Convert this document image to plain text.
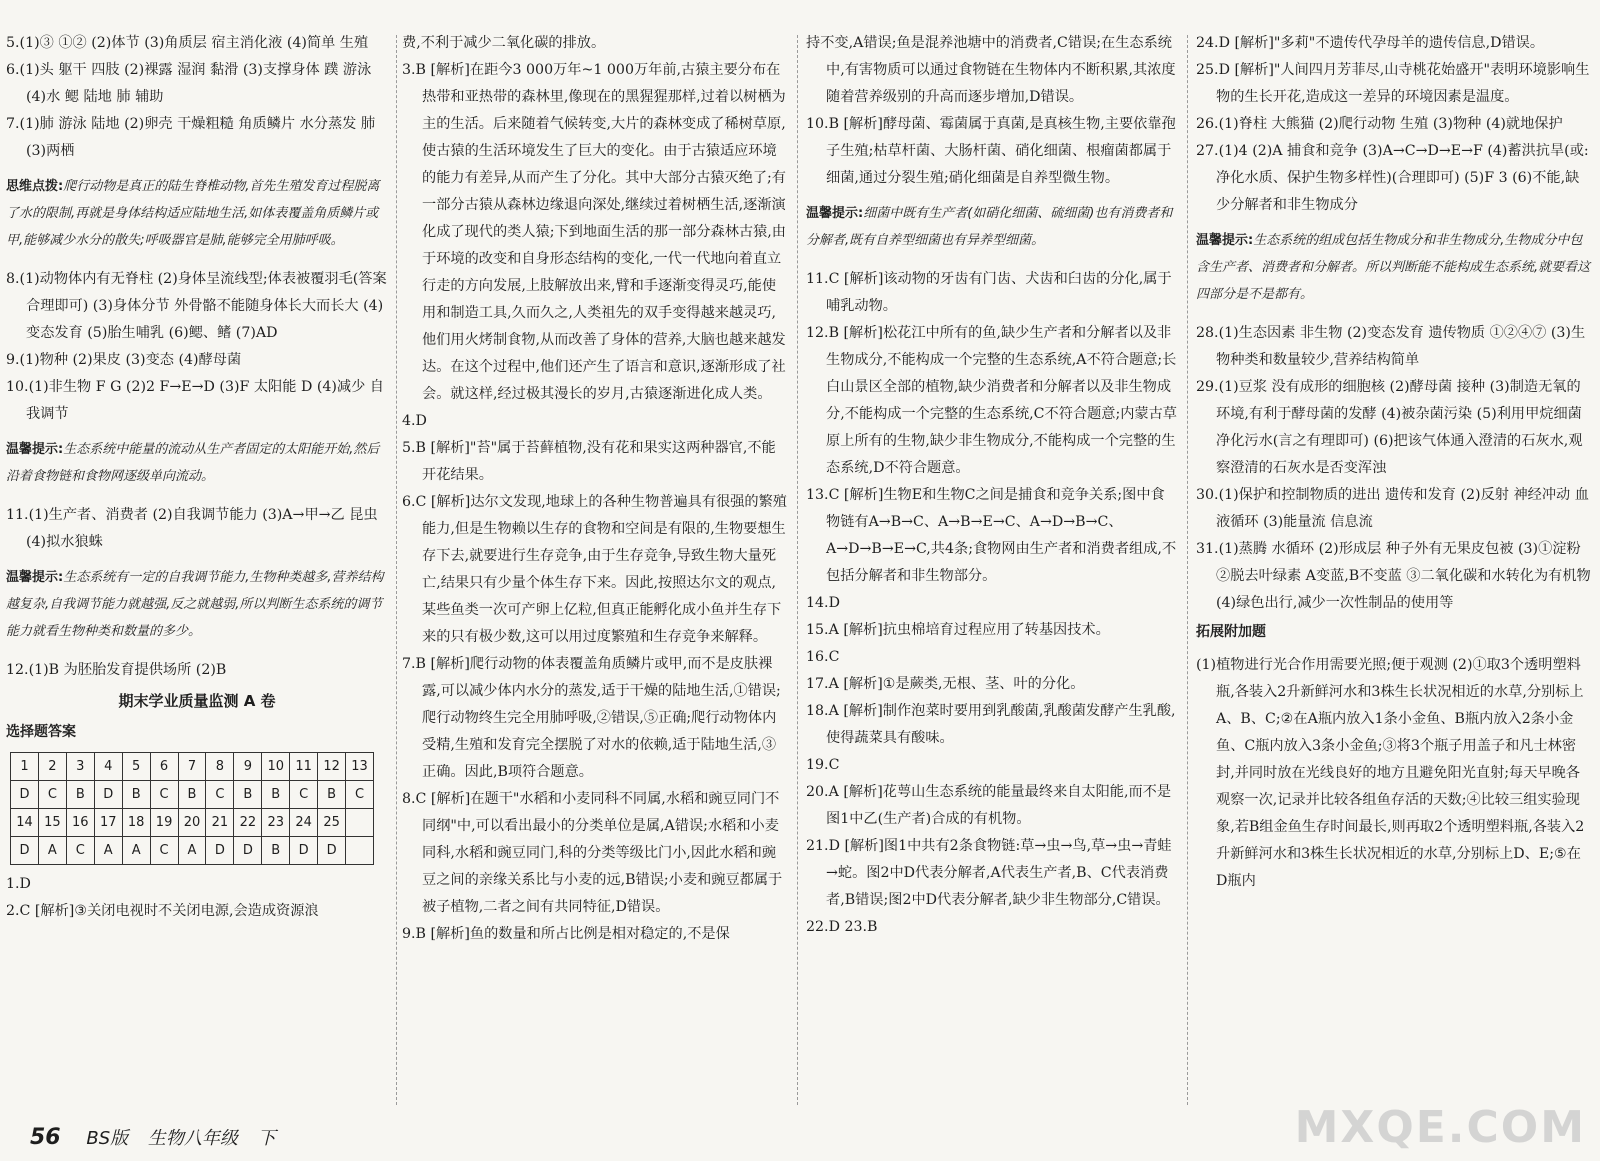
5.(1)③ ①② (2)体节 (3)角质层 宿主消化液 (4)简单 生殖

6.(1)头 躯干 四肢 (2)裸露 湿润 黏滑 (3)支撑身体 蹼 游泳 (4)水 鳃 陆地 肺 辅助

7.(1)肺 游泳 陆地 (2)卵壳 干燥粗糙 角质鳞片 水分蒸发 肺 (3)两栖

思维点拨:爬行动物是真正的陆生脊椎动物,首先生殖发育过程脱离了水的限制,再就是身体结构适应陆地生活,如体表覆盖角质鳞片或甲,能够减少水分的散失;呼吸器官是肺,能够完全用肺呼吸。

8.(1)动物体内有无脊柱 (2)身体呈流线型;体表被覆羽毛(答案合理即可) (3)身体分节 外骨骼不能随身体长大而长大 (4)变态发育 (5)胎生哺乳 (6)鳃、鳍 (7)AD

9.(1)物种 (2)果皮 (3)变态 (4)酵母菌

10.(1)非生物 F G (2)2 F→E→D (3)F 太阳能 D (4)减少 自我调节

温馨提示:生态系统中能量的流动从生产者固定的太阳能开始,然后沿着食物链和食物网逐级单向流动。

11.(1)生产者、消费者 (2)自我调节能力 (3)A→甲→乙 昆虫 (4)拟水狼蛛

温馨提示:生态系统有一定的自我调节能力,生物种类越多,营养结构越复杂,自我调节能力就越强,反之就越弱,所以判断生态系统的调节能力就看生物种类和数量的多少。

12.(1)B 为胚胎发育提供场所 (2)B

期末学业质量监测 A 卷
选择题答案
1	2	3	4	5	6	7	8	9	10	11	12	13
D	C	B	D	B	C	B	C	B	B	C	B	C
14	15	16	17	18	19	20	21	22	23	24	25	
D	A	C	A	A	C	A	D	D	B	D	D	

1.D

2.C [解析]③关闭电视时不关闭电源,会造成资源浪

费,不利于减少二氧化碳的排放。

3.B [解析]在距今3 000万年~1 000万年前,古猿主要分布在热带和亚热带的森林里,像现在的黑猩猩那样,过着以树栖为主的生活。后来随着气候转变,大片的森林变成了稀树草原,使古猿的生活环境发生了巨大的变化。由于古猿适应环境的能力有差异,从而产生了分化。其中大部分古猿灭绝了;有一部分古猿从森林边缘退向深处,继续过着树栖生活,逐渐演化成了现代的类人猿;下到地面生活的那一部分森林古猿,由于环境的改变和自身形态结构的变化,一代一代地向着直立行走的方向发展,上肢解放出来,臂和手逐渐变得灵巧,能使用和制造工具,久而久之,人类祖先的双手变得越来越灵巧,他们用火烤制食物,从而改善了身体的营养,大脑也越来越发达。在这个过程中,他们还产生了语言和意识,逐渐形成了社会。就这样,经过极其漫长的岁月,古猿逐渐进化成人类。

4.D

5.B [解析]"苔"属于苔藓植物,没有花和果实这两种器官,不能开花结果。

6.C [解析]达尔文发现,地球上的各种生物普遍具有很强的繁殖能力,但是生物赖以生存的食物和空间是有限的,生物要想生存下去,就要进行生存竞争,由于生存竞争,导致生物大量死亡,结果只有少量个体生存下来。因此,按照达尔文的观点,某些鱼类一次可产卵上亿粒,但真正能孵化成小鱼并生存下来的只有极少数,这可以用过度繁殖和生存竞争来解释。

7.B [解析]爬行动物的体表覆盖角质鳞片或甲,而不是皮肤裸露,可以减少体内水分的蒸发,适于干燥的陆地生活,①错误;爬行动物终生完全用肺呼吸,②错误,⑤正确;爬行动物体内受精,生殖和发育完全摆脱了对水的依赖,适于陆地生活,③正确。因此,B项符合题意。

8.C [解析]在题干"水稻和小麦同科不同属,水稻和豌豆同门不同纲"中,可以看出最小的分类单位是属,A错误;水稻和小麦同科,水稻和豌豆同门,科的分类等级比门小,因此水稻和豌豆之间的亲缘关系比与小麦的远,B错误;小麦和豌豆都属于被子植物,二者之间有共同特征,D错误。

9.B [解析]鱼的数量和所占比例是相对稳定的,不是保

持不变,A错误;鱼是混养池塘中的消费者,C错误;在生态系统中,有害物质可以通过食物链在生物体内不断积累,其浓度随着营养级别的升高而逐步增加,D错误。

10.B [解析]酵母菌、霉菌属于真菌,是真核生物,主要依靠孢子生殖;枯草杆菌、大肠杆菌、硝化细菌、根瘤菌都属于细菌,通过分裂生殖;硝化细菌是自养型微生物。

温馨提示:细菌中既有生产者(如硝化细菌、硫细菌)也有消费者和分解者,既有自养型细菌也有异养型细菌。

11.C [解析]该动物的牙齿有门齿、犬齿和臼齿的分化,属于哺乳动物。

12.B [解析]松花江中所有的鱼,缺少生产者和分解者以及非生物成分,不能构成一个完整的生态系统,A不符合题意;长白山景区全部的植物,缺少消费者和分解者以及非生物成分,不能构成一个完整的生态系统,C不符合题意;内蒙古草原上所有的生物,缺少非生物成分,不能构成一个完整的生态系统,D不符合题意。

13.C [解析]生物E和生物C之间是捕食和竞争关系;图中食物链有A→B→C、A→B→E→C、A→D→B→C、A→D→B→E→C,共4条;食物网由生产者和消费者组成,不包括分解者和非生物部分。

14.D

15.A [解析]抗虫棉培育过程应用了转基因技术。

16.C

17.A [解析]①是蕨类,无根、茎、叶的分化。

18.A [解析]制作泡菜时要用到乳酸菌,乳酸菌发酵产生乳酸,使得蔬菜具有酸味。

19.C

20.A [解析]花萼山生态系统的能量最终来自太阳能,而不是图1中乙(生产者)合成的有机物。

21.D [解析]图1中共有2条食物链:草→虫→鸟,草→虫→青蛙→蛇。图2中D代表分解者,A代表生产者,B、C代表消费者,B错误;图2中D代表分解者,缺少非生物部分,C错误。

22.D 23.B

24.D [解析]"多莉"不遗传代孕母羊的遗传信息,D错误。

25.D [解析]"人间四月芳菲尽,山寺桃花始盛开"表明环境影响生物的生长开花,造成这一差异的环境因素是温度。

26.(1)脊柱 大熊猫 (2)爬行动物 生殖 (3)物种 (4)就地保护

27.(1)4 (2)A 捕食和竞争 (3)A→C→D→E→F (4)蓄洪抗旱(或:净化水质、保护生物多样性)(合理即可) (5)F 3 (6)不能,缺少分解者和非生物成分

温馨提示:生态系统的组成包括生物成分和非生物成分,生物成分中包含生产者、消费者和分解者。所以判断能不能构成生态系统,就要看这四部分是不是都有。

28.(1)生态因素 非生物 (2)变态发育 遗传物质 ①②④⑦ (3)生物种类和数量较少,营养结构简单

29.(1)豆浆 没有成形的细胞核 (2)酵母菌 接种 (3)制造无氧的环境,有利于酵母菌的发酵 (4)被杂菌污染 (5)利用甲烷细菌净化污水(言之有理即可) (6)把该气体通入澄清的石灰水,观察澄清的石灰水是否变浑浊

30.(1)保护和控制物质的进出 遗传和发育 (2)反射 神经冲动 血液循环 (3)能量流 信息流

31.(1)蒸腾 水循环 (2)形成层 种子外有无果皮包被 (3)①淀粉 ②脱去叶绿素 A变蓝,B不变蓝 ③二氧化碳和水转化为有机物 (4)绿色出行,减少一次性制品的使用等

拓展附加题

(1)植物进行光合作用需要光照;便于观测 (2)①取3个透明塑料瓶,各装入2升新鲜河水和3株生长状况相近的水草,分别标上A、B、C;②在A瓶内放入1条小金鱼、B瓶内放入2条小金鱼、C瓶内放入3条小金鱼;③将3个瓶子用盖子和凡士林密封,并同时放在光线良好的地方且避免阳光直射;每天早晚各观察一次,记录并比较各组鱼存活的天数;④比较三组实验现象,若B组金鱼生存时间最长,则再取2个透明塑料瓶,各装入2升新鲜河水和3株生长状况相近的水草,分别标上D、E;⑤在D瓶内

56 BS版 生物八年级 下	MXQE.COM
